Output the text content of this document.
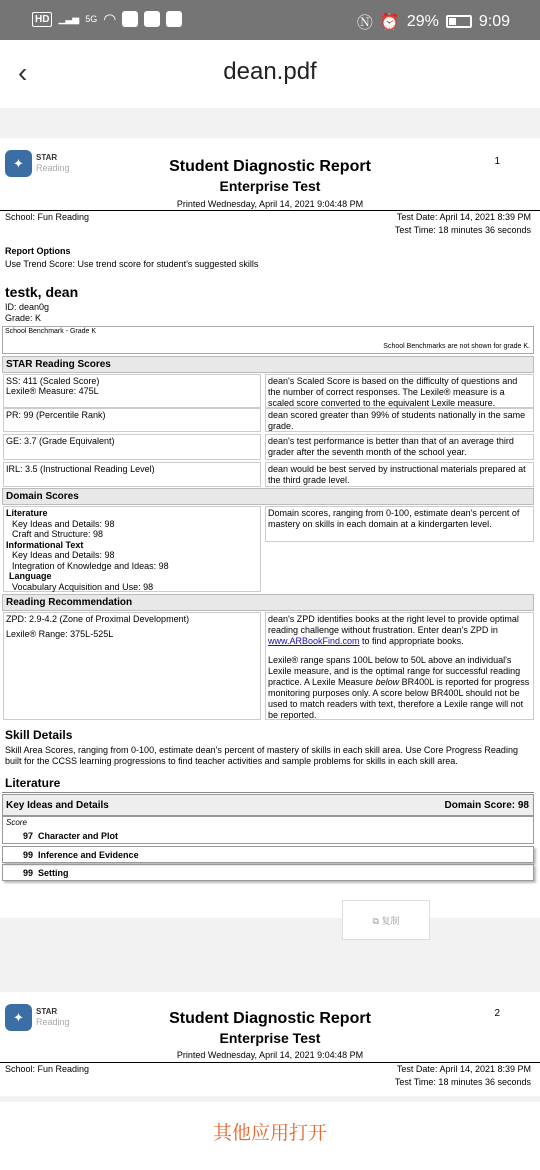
HD	▁▃▅ 5G ◠	Ⓝ ⏰ 29%	9:09
‹	dean.pdf
✦	STAR
Reading	Student Diagnostic Report
Enterprise Test
Printed Wednesday, April 14, 2021 9:04:48 PM
1
School: Fun Reading	Test Date: April 14, 2021 8:39 PM
Test Time: 18 minutes 36 seconds
Report Options
Use Trend Score: Use trend score for student's suggested skills
testk, dean
ID: dean0g
Grade: K
School Benchmark - Grade K
School Benchmarks are not shown for grade K.
STAR Reading Scores
SS: 411 (Scaled Score)
Lexile® Measure: 475L
dean's Scaled Score is based on the difficulty of questions and the number of correct responses. The Lexile® measure is a scaled score converted to the equivalent Lexile measure.
PR: 99 (Percentile Rank)	dean scored greater than 99% of students nationally in the same grade.
GE: 3.7 (Grade Equivalent)	dean's test performance is better than that of an average third grader after the seventh month of the school year.
IRL: 3.5 (Instructional Reading Level)	dean would be best served by instructional materials prepared at the third grade level.
Domain Scores
Literature
Key Ideas and Details: 98
Craft and Structure: 98
Informational Text
Key Ideas and Details: 98
Integration of Knowledge and Ideas: 98
Language
Vocabulary Acquisition and Use: 98
Domain scores, ranging from 0-100, estimate dean's percent of mastery on skills in each domain at a kindergarten level.
Reading Recommendation
ZPD: 2.9-4.2 (Zone of Proximal Development)
Lexile® Range: 375L-525L
dean's ZPD identifies books at the right level to provide optimal reading challenge without frustration. Enter dean's ZPD in www.ARBookFind.com to find appropriate books.
Lexile® range spans 100L below to 50L above an individual's Lexile measure, and is the optimal range for successful reading practice. A Lexile Measure below BR400L is reported for progress monitoring purposes only. A score below BR400L should not be used to match readers with text, therefore a Lexile range will not be reported.
Skill Details
Skill Area Scores, ranging from 0-100, estimate dean's percent of mastery of skills in each skill area. Use Core Progress Reading built for the CCSS learning progressions to find teacher activities and sample problems for skills in each skill area.
Literature
Key Ideas and Details	Domain Score: 98
Score
97 Character and Plot
99 Inference and Evidence
99 Setting
⧉ 复制
✦	STAR
Reading	Student Diagnostic Report
Enterprise Test
Printed Wednesday, April 14, 2021 9:04:48 PM
2
School: Fun Reading	Test Date: April 14, 2021 8:39 PM
Test Time: 18 minutes 36 seconds
其他应用打开
